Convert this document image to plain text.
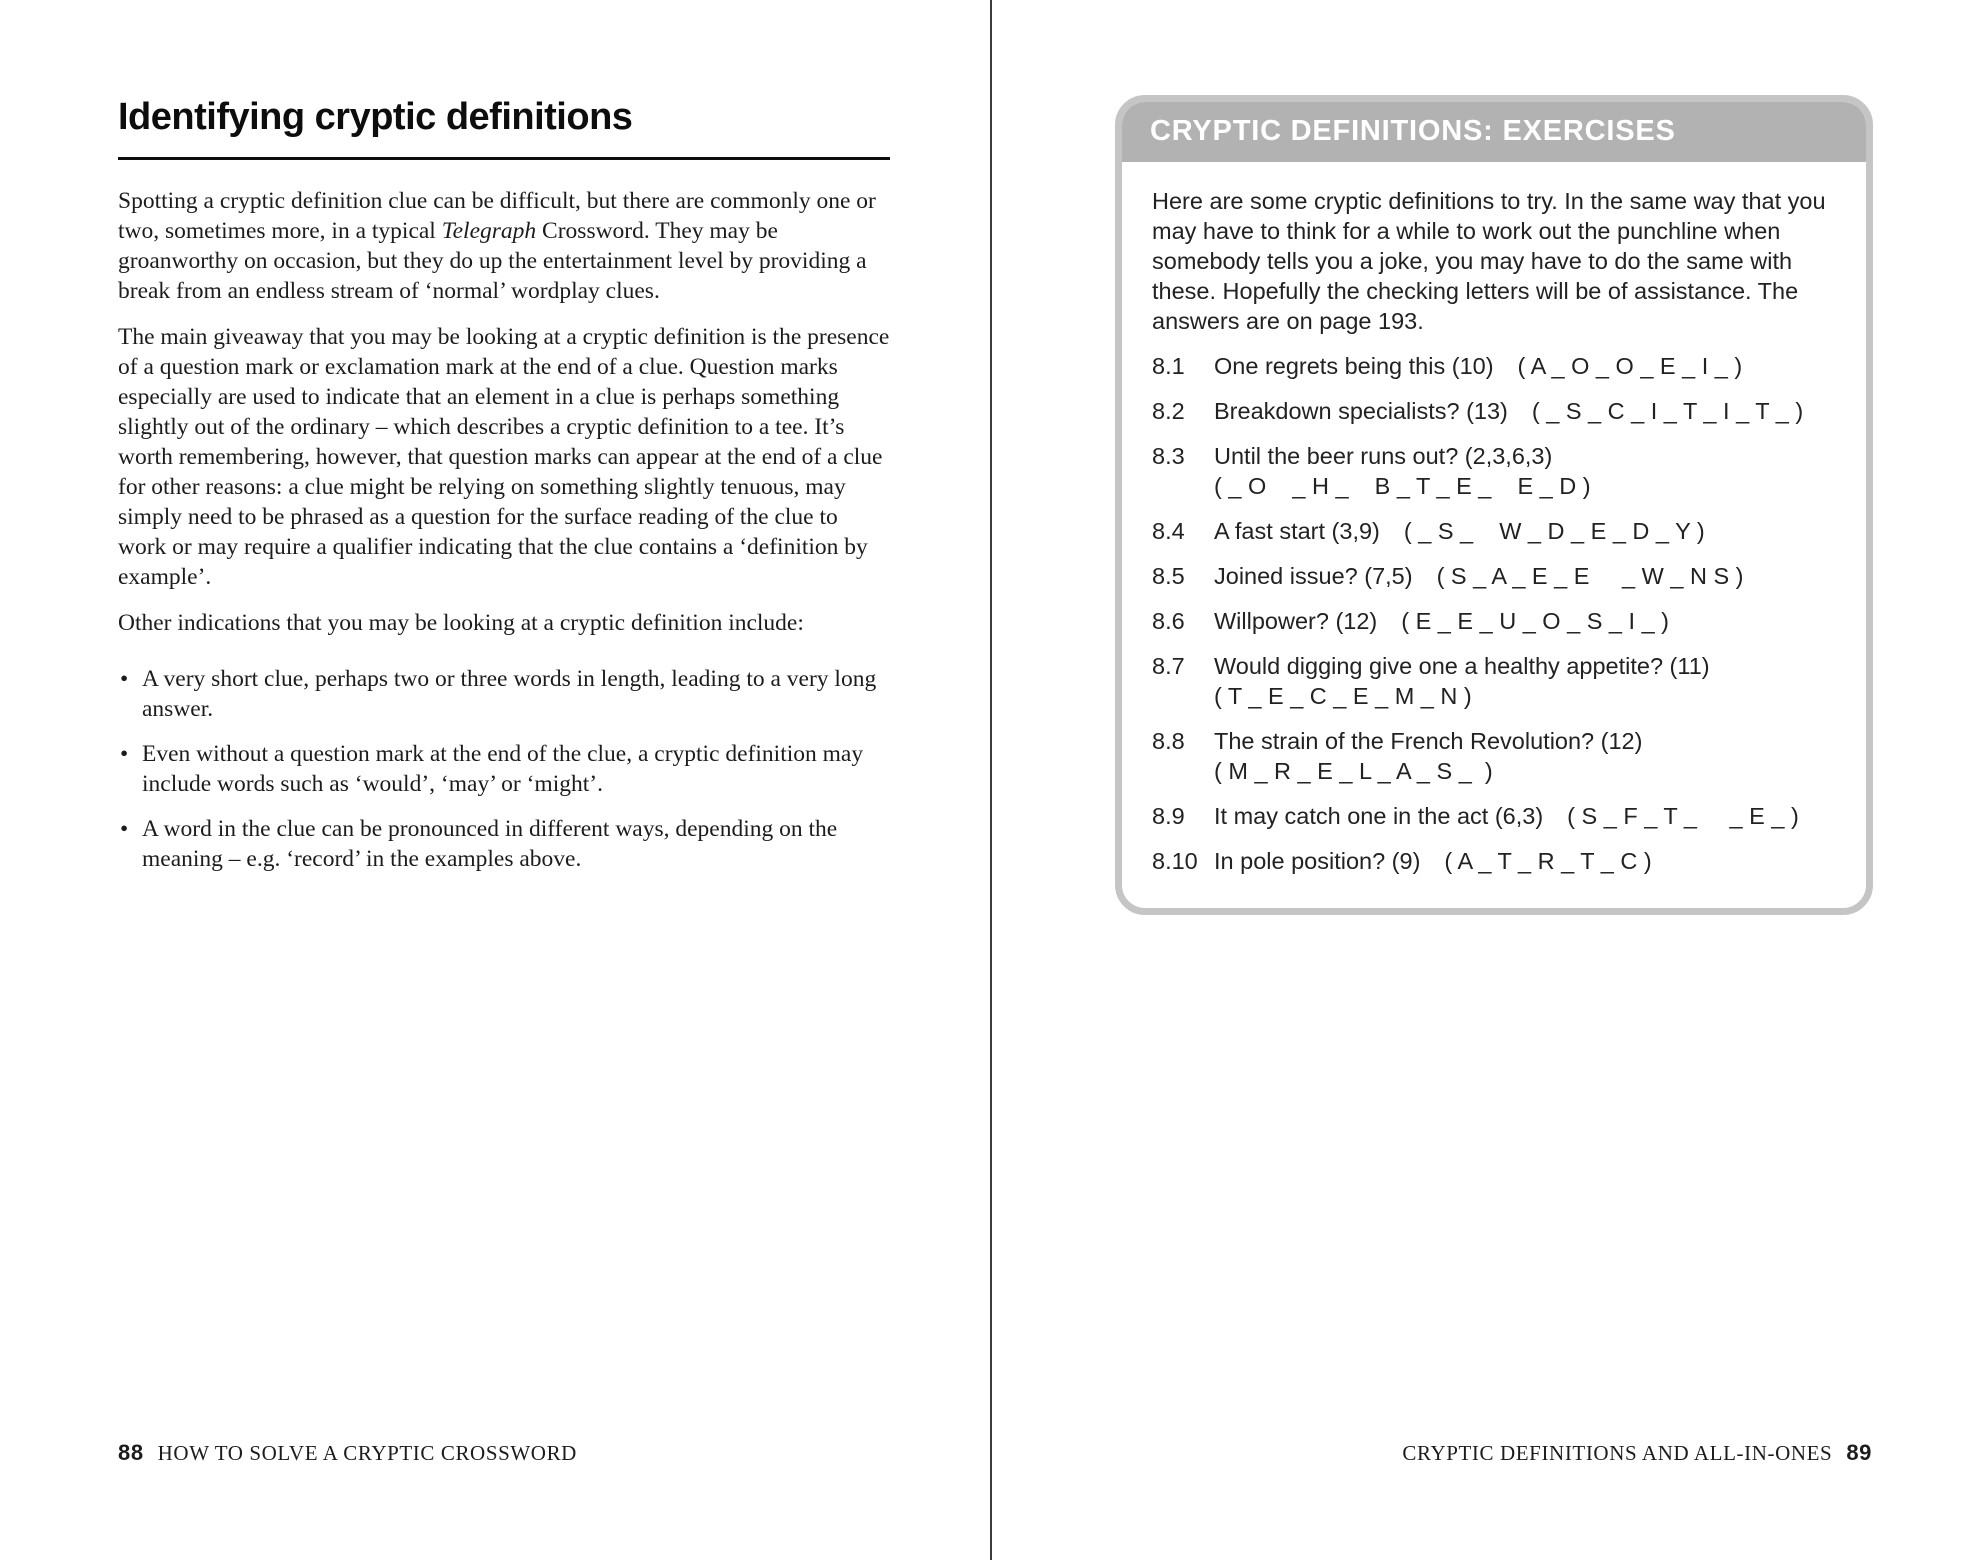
Identifying cryptic definitions

Spotting a cryptic definition clue can be difficult, but there are commonly one or two, sometimes more, in a typical Telegraph Crossword. They may be groanworthy on occasion, but they do up the entertainment level by providing a break from an endless stream of ‘normal’ wordplay clues.

The main giveaway that you may be looking at a cryptic definition is the presence of a question mark or exclamation mark at the end of a clue. Question marks especially are used to indicate that an element in a clue is perhaps something slightly out of the ordinary – which describes a cryptic definition to a tee. It’s worth remembering, however, that question marks can appear at the end of a clue for other reasons: a clue might be relying on something slightly tenuous, may simply need to be phrased as a question for the surface reading of the clue to work or may require a qualifier indicating that the clue contains a ‘definition by example’.

Other indications that you may be looking at a cryptic definition include:

• A very short clue, perhaps two or three words in length, leading to a very long answer.
• Even without a question mark at the end of the clue, a cryptic definition may include words such as ‘would’, ‘may’ or ‘might’.
• A word in the clue can be pronounced in different ways, depending on the meaning – e.g. ‘record’ in the examples above.
88 HOW TO SOLVE A CRYPTIC CROSSWORD
CRYPTIC DEFINITIONS: EXERCISES

Here are some cryptic definitions to try. In the same way that you may have to think for a while to work out the punchline when somebody tells you a joke, you may have to do the same with these. Hopefully the checking letters will be of assistance. The answers are on page 193.

8.1	One regrets being this (10) ( A _ O _ O _ E _ I _ )
8.2	Breakdown specialists? (13) ( _ S _ C _ I _ T _ I _ T _ )
8.3	Until the beer runs out? (2,3,6,3)
( _ O    _ H _    B _ T _ E _    E _ D )
8.4	A fast start (3,9) ( _ S _    W _ D _ E _ D _ Y )
8.5	Joined issue? (7,5) ( S _ A _ E _ E     _ W _ N S )
8.6	Willpower? (12) ( E _ E _ U _ O _ S _ I _ )
8.7	Would digging give one a healthy appetite? (11)
( T _ E _ C _ E _ M _ N )
8.8	The strain of the French Revolution? (12)
( M _ R _ E _ L _ A _ S _  )
8.9	It may catch one in the act (6,3) ( S _ F _ T _     _ E _ )
8.10 In pole position? (9) ( A _ T _ R _ T _ C )
CRYPTIC DEFINITIONS AND ALL-IN-ONES 89
